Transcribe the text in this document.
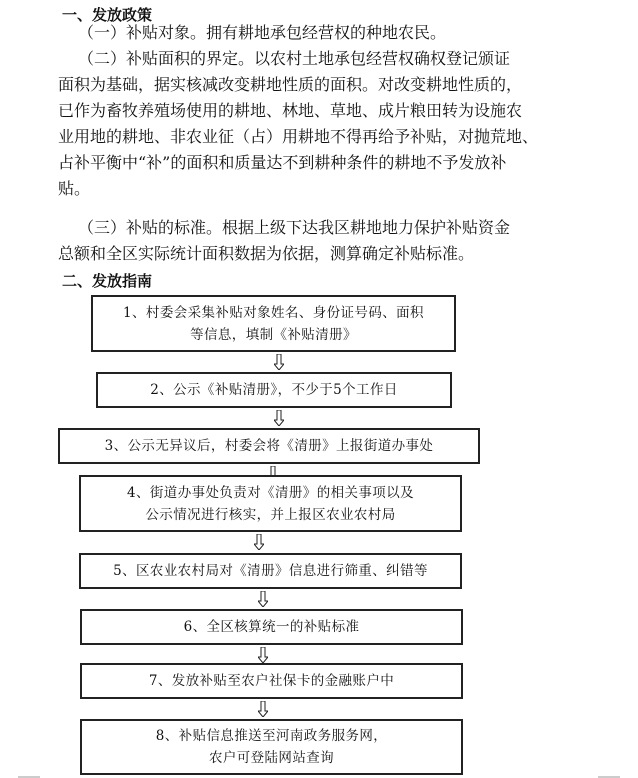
一、发放政策
（一）补贴对象。拥有耕地承包经营权的种地农民。
（二）补贴面积的界定。以农村土地承包经营权确权登记颁证
面积为基础，据实核减改变耕地性质的面积。对改变耕地性质的，
已作为畜牧养殖场使用的耕地、林地、草地、成片粮田转为设施农
业用地的耕地、非农业征（占）用耕地不得再给予补贴，对抛荒地、
占补平衡中“补”的面积和质量达不到耕种条件的耕地不予发放补
贴。
（三）补贴的标准。根据上级下达我区耕地地力保护补贴资金
总额和全区实际统计面积数据为依据，测算确定补贴标准。
二、发放指南
1、村委会采集补贴对象姓名、身份证号码、面积
等信息，填制《补贴清册》
2、公示《补贴清册》，不少于5个工作日
3、公示无异议后，村委会将《清册》上报街道办事处
4、街道办事处负责对《清册》的相关事项以及
公示情况进行核实，并上报区农业农村局
5、区农业农村局对《清册》信息进行筛重、纠错等
6、全区核算统一的补贴标准
7、发放补贴至农户社保卡的金融账户中
8、补贴信息推送至河南政务服务网，
农户可登陆网站查询
